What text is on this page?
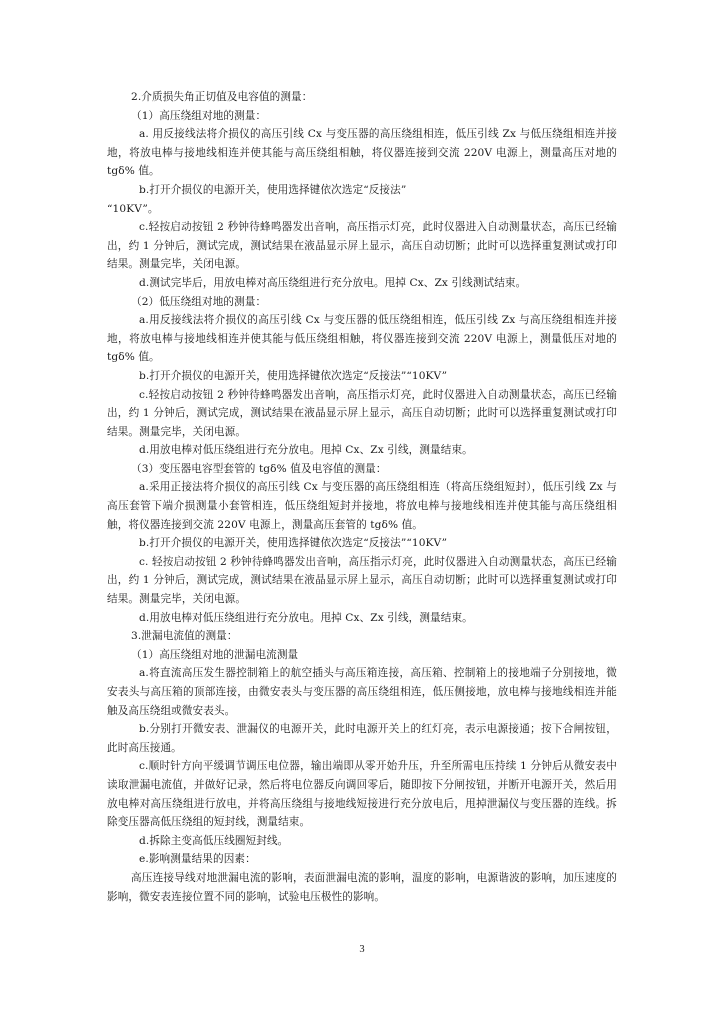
2.介质损失角正切值及电容值的测量：

（1）高压绕组对地的测量：

a. 用反接线法将介损仪的高压引线 Cx 与变压器的高压绕组相连，低压引线 Zx 与低压绕组相连并接地，将放电棒与接地线相连并使其能与高压绕组相触，将仪器连接到交流 220V 电源上，测量高压对地的 tgδ% 值。

b.打开介损仪的电源开关，使用选择键依次选定“反接法”

“10KV”。

c.轻按启动按钮 2 秒钟待蜂鸣器发出音响，高压指示灯亮，此时仪器进入自动测量状态，高压已经输出，约 1 分钟后，测试完成，测试结果在液晶显示屏上显示，高压自动切断；此时可以选择重复测试或打印结果。测量完毕，关闭电源。

d.测试完毕后，用放电棒对高压绕组进行充分放电。甩掉 Cx、Zx 引线测试结束。

（2）低压绕组对地的测量：

a.用反接线法将介损仪的高压引线 Cx 与变压器的低压绕组相连，低压引线 Zx 与高压绕组相连并接地，将放电棒与接地线相连并使其能与低压绕组相触，将仪器连接到交流 220V 电源上，测量低压对地的 tgδ% 值。

b.打开介损仪的电源开关，使用选择键依次选定“反接法”“10KV”

c.轻按启动按钮 2 秒钟待蜂鸣器发出音响，高压指示灯亮，此时仪器进入自动测量状态，高压已经输出，约 1 分钟后，测试完成，测试结果在液晶显示屏上显示，高压自动切断；此时可以选择重复测试或打印结果。测量完毕，关闭电源。

d.用放电棒对低压绕组进行充分放电。甩掉 Cx、Zx 引线，测量结束。

（3）变压器电容型套管的 tgδ% 值及电容值的测量：

a.采用正接法将介损仪的高压引线 Cx 与变压器的高压绕组相连（将高压绕组短封），低压引线 Zx 与高压套管下端介损测量小套管相连，低压绕组短封并接地，将放电棒与接地线相连并使其能与高压绕组相触，将仪器连接到交流 220V 电源上，测量高压套管的 tgδ% 值。

b.打开介损仪的电源开关，使用选择键依次选定“反接法”“10KV”

c. 轻按启动按钮 2 秒钟待蜂鸣器发出音响，高压指示灯亮，此时仪器进入自动测量状态，高压已经输出，约 1 分钟后，测试完成，测试结果在液晶显示屏上显示，高压自动切断；此时可以选择重复测试或打印结果。测量完毕，关闭电源。

d.用放电棒对低压绕组进行充分放电。甩掉 Cx、Zx 引线，测量结束。

3.泄漏电流值的测量：

（1）高压绕组对地的泄漏电流测量

a.将直流高压发生器控制箱上的航空插头与高压箱连接，高压箱、控制箱上的接地端子分别接地，微安表头与高压箱的顶部连接，由微安表头与变压器的高压绕组相连，低压侧接地，放电棒与接地线相连并能触及高压绕组或微安表头。

b.分别打开微安表、泄漏仪的电源开关，此时电源开关上的红灯亮，表示电源接通；按下合闸按钮，此时高压接通。

c.顺时针方向平缓调节调压电位器，输出端即从零开始升压，升至所需电压持续 1 分钟后从微安表中读取泄漏电流值，并做好记录，然后将电位器反向调回零后，随即按下分闸按钮，并断开电源开关，然后用放电棒对高压绕组进行放电，并将高压绕组与接地线短接进行充分放电后，甩掉泄漏仪与变压器的连线。拆除变压器高低压绕组的短封线，测量结束。

d.拆除主变高低压线圈短封线。

e.影响测量结果的因素：

高压连接导线对地泄漏电流的影响，表面泄漏电流的影响，温度的影响，电源谐波的影响，加压速度的影响，微安表连接位置不同的影响，试验电压极性的影响。

3
